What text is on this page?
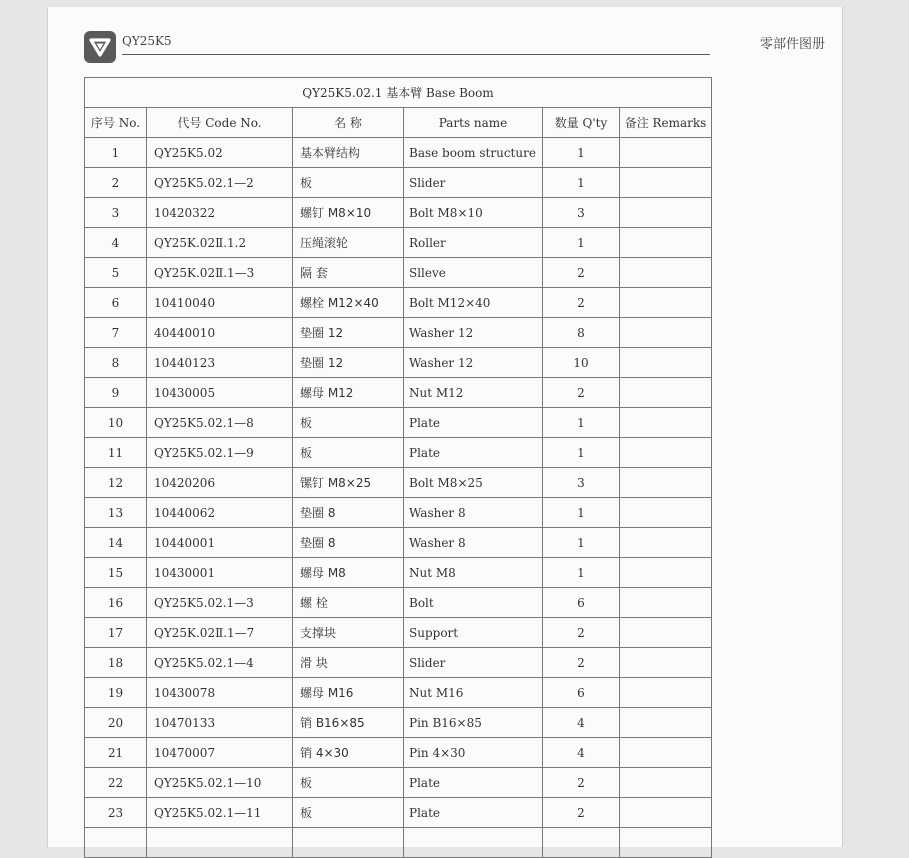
QY25K5	零部件图册
QY25K5.02.1 基本臂 Base Boom					
序号 No.	代号 Code No.	名 称	Parts name	数量 Q'ty	备注 Remarks
1	QY25K5.02	基本臂结构	Base boom structure	1	
2	QY25K5.02.1—2	板	Slider	1	
3	10420322	螺钉 M8×10	Bolt M8×10	3	
4	QY25K.02Ⅱ.1.2	压绳滚轮	Roller	1	
5	QY25K.02Ⅱ.1—3	隔 套	Slleve	2	
6	10410040	螺栓 M12×40	Bolt M12×40	2	
7	40440010	垫圈 12	Washer 12	8	
8	10440123	垫圈 12	Washer 12	10	
9	10430005	螺母 M12	Nut M12	2	
10	QY25K5.02.1—8	板	Plate	1	
11	QY25K5.02.1—9	板	Plate	1	
12	10420206	镙钉 M8×25	Bolt M8×25	3	
13	10440062	垫圈 8	Washer 8	1	
14	10440001	垫圈 8	Washer 8	1	
15	10430001	螺母 M8	Nut M8	1	
16	QY25K5.02.1—3	螺 栓	Bolt	6	
17	QY25K.02Ⅱ.1—7	支撑块	Support	2	
18	QY25K5.02.1—4	滑 块	Slider	2	
19	10430078	螺母 M16	Nut M16	6	
20	10470133	销 B16×85	Pin B16×85	4	
21	10470007	销 4×30	Pin 4×30	4	
22	QY25K5.02.1—10	板	Plate	2	
23	QY25K5.02.1—11	板	Plate	2	
